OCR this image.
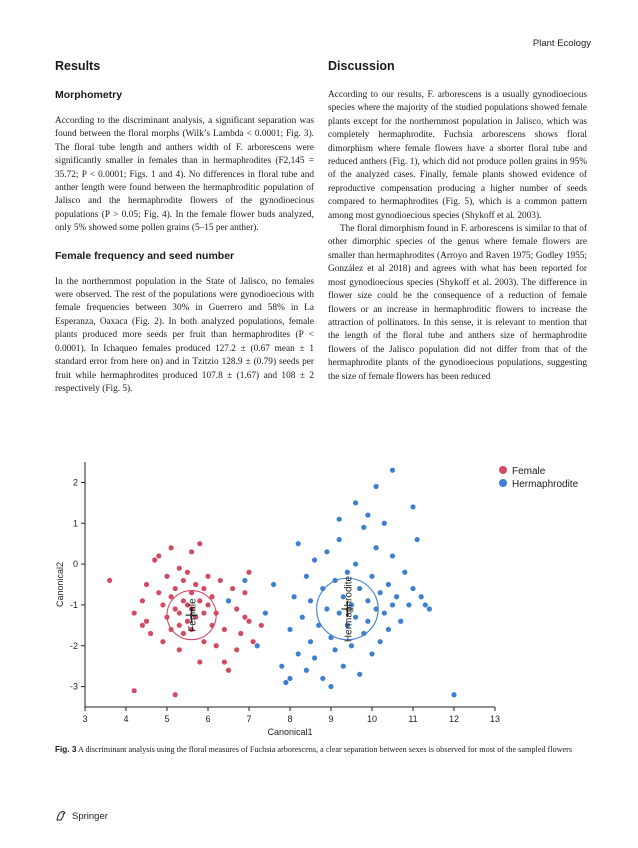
Plant Ecology
Results
Morphometry

According to the discriminant analysis, a significant separation was found between the floral morphs (Wilk’s Lambda < 0.0001; Fig. 3). The floral tube length and anthers width of F. arborescens were significantly smaller in females than in hermaphrodites (F2,145 = 35.72; P < 0.0001; Figs. 1 and 4). No differences in floral tube and anther length were found between the hermaphroditic population of Jalisco and the hermaphrodite flowers of the gynodioecious populations (P > 0.05; Fig. 4). In the female flower buds analyzed, only 5% showed some pollen grains (5–15 per anther).

Female frequency and seed number

In the northernmost population in the State of Jalisco, no females were observed. The rest of the populations were gynodioecious with female frequencies between 30% in Guerrero and 58% in La Esperanza, Oaxaca (Fig. 2). In both analyzed populations, female plants produced more seeds per fruit than hermaphrodites (P < 0.0001). In Ichaqueo females produced 127.2 ± (0.67 mean ± 1 standard error from here on) and in Tzitzio 128.9 ± (0.79) seeds per fruit while hermaphrodites produced 107.8 ± (1.67) and 108 ± 2 respectively (Fig. 5).

Discussion

According to our results, F. arborescens is a usually gynodioecious species where the majority of the studied populations showed female plants except for the northernmost population in Jalisco, which was completely hermaphrodite. Fuchsia arborescens shows floral dimorphism where female flowers have a shorter floral tube and reduced anthers (Fig. 1), which did not produce pollen grains in 95% of the analyzed cases. Finally, female plants showed evidence of reproductive compensation producing a higher number of seeds compared to hermaphrodites (Fig. 5), which is a common pattern among most gynodioecious species (Shykoff et al. 2003).

The floral dimorphism found in F. arborescens is similar to that of other dimorphic species of the genus where female flowers are smaller than hermaphrodites (Arroyo and Raven 1975; Godley 1955; González et al 2018) and agrees with what has been reported for most gynodioecious species (Shykoff et al. 2003). The difference in flower size could be the consequence of a reduction of female flowers or an increase in hermaphroditic flowers to increase the attraction of pollinators. In this sense, it is relevant to mention that the length of the floral tube and anthers size of hermaphrodite flowers of the Jalisco population did not differ from that of the hermaphrodite plants of the gynodioecious populations, suggesting the size of female flowers has been reduced

3	4	5	6	7	8	9	10	11	12	13
2
1
0
-1
-2
-3
Canonical1
Canonical2
Female	Hermaphrodite
Female
Hermaphrodite
Fig. 3 A discriminant analysis using the floral measures of Fuchsia arborescens, a clear separation between sexes is observed for most of the sampled flowers
Springer
